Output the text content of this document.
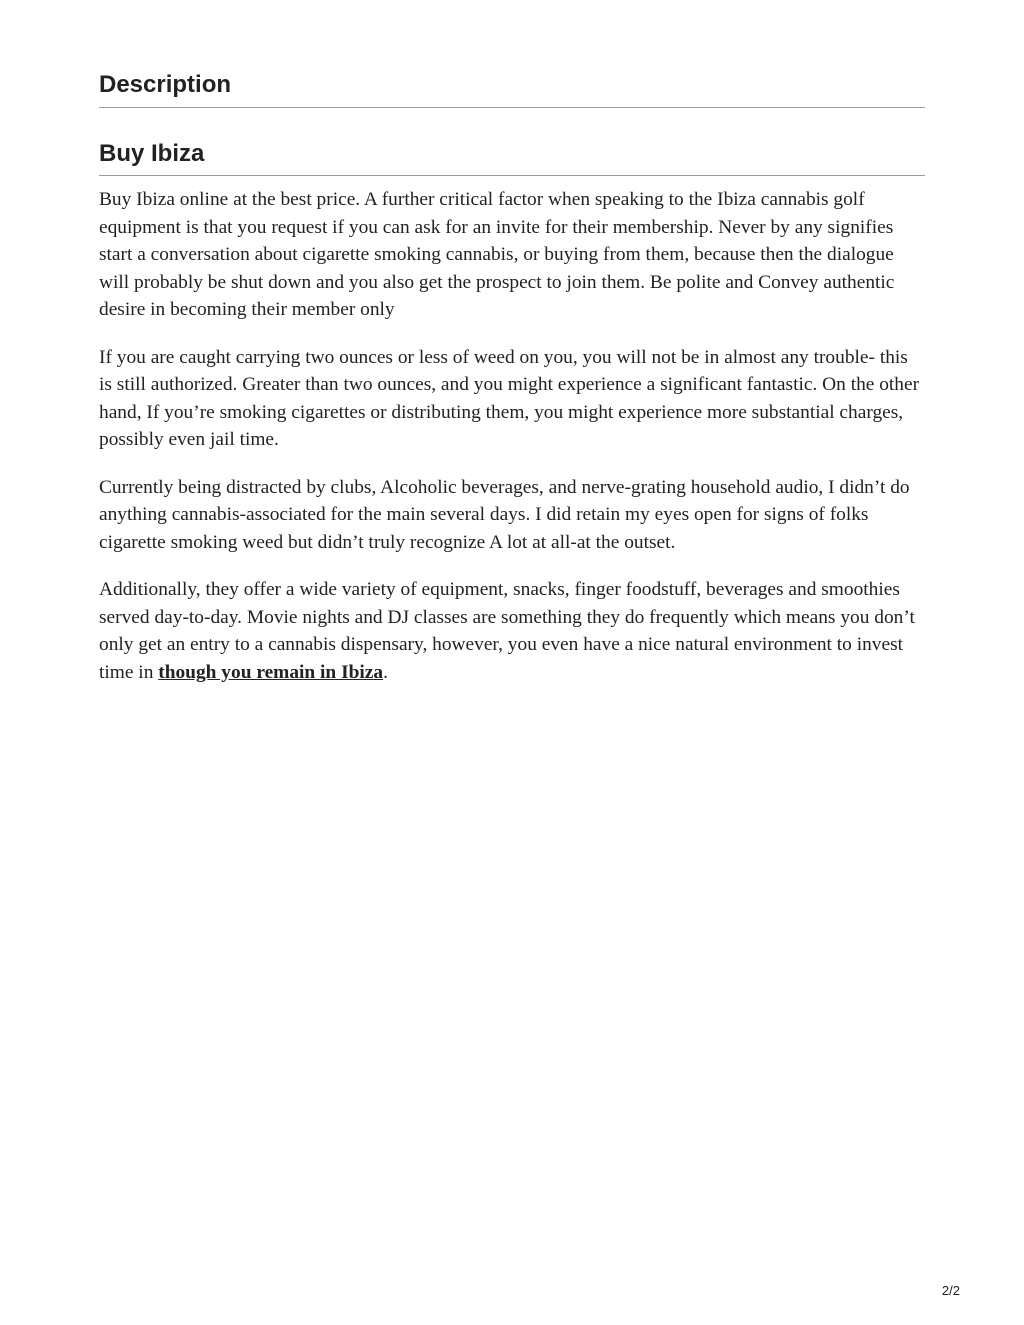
Description
Buy Ibiza

Buy Ibiza online at the best price. A further critical factor when speaking to the Ibiza cannabis golf equipment is that you request if you can ask for an invite for their membership. Never by any signifies start a conversation about cigarette smoking cannabis, or buying from them, because then the dialogue will probably be shut down and you also get the prospect to join them. Be polite and Convey authentic desire in becoming their member only

If you are caught carrying two ounces or less of weed on you, you will not be in almost any trouble- this is still authorized. Greater than two ounces, and you might experience a significant fantastic. On the other hand, If you’re smoking cigarettes or distributing them, you might experience more substantial charges, possibly even jail time.

Currently being distracted by clubs, Alcoholic beverages, and nerve-grating household audio, I didn’t do anything cannabis-associated for the main several days. I did retain my eyes open for signs of folks cigarette smoking weed but didn’t truly recognize A lot at all-at the outset.

Additionally, they offer a wide variety of equipment, snacks, finger foodstuff, beverages and smoothies served day-to-day. Movie nights and DJ classes are something they do frequently which means you don’t only get an entry to a cannabis dispensary, however, you even have a nice natural environment to invest time in though you remain in Ibiza.

2/2
